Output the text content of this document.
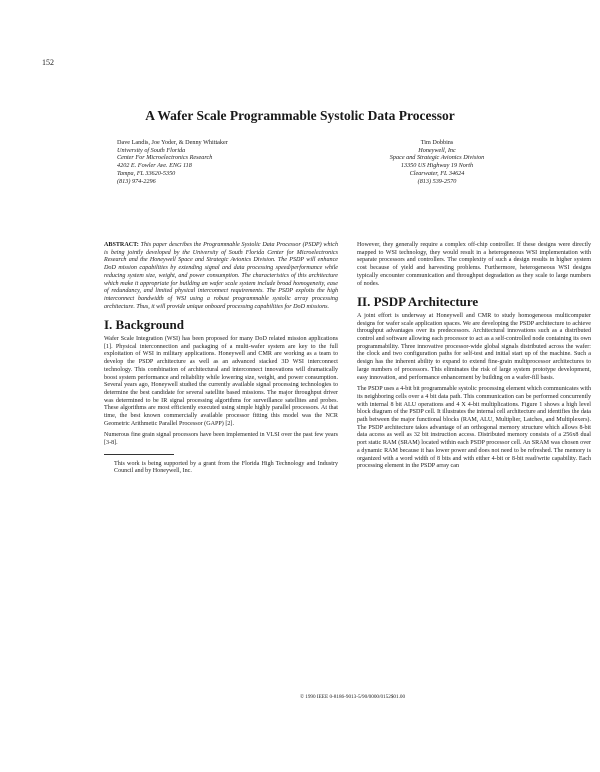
152
A Wafer Scale Programmable Systolic Data Processor
Dave Landis, Joe Yoder, & Denny Whittaker
University of South Florida
Center For Microelectronics Research
4202 E. Fowler Ave. ENG 118
Tampa, FL 33620-5350
(813) 974-2296
Tim Dobbins
Honeywell, Inc
Space and Strategic Avionics Division
13350 US Highway 19 North
Clearwater, FL 34624
(813) 539-2570

ABSTRACT: This paper describes the Programmable Systolic Data Processor (PSDP) which is being jointly developed by the University of South Florida Center for Microelectronics Research and the Honeywell Space and Strategic Avionics Division. The PSDP will enhance DoD mission capabilities by extending signal and data processing speed/performance while reducing system size, weight, and power consumption. The characteristics of this architecture which make it appropriate for building an wafer scale system include broad homogeneity, ease of redundancy, and limited physical interconnect requirements. The PSDP exploits the high interconnect bandwidth of WSI using a robust programmable systolic array processing architecture. Thus, it will provide unique onboard processing capabilities for DoD missions.

I. Background

Wafer Scale Integration (WSI) has been proposed for many DoD related mission applications [1]. Physical interconnection and packaging of a multi-wafer system are key to the full exploitation of WSI in military applications. Honeywell and CMR are working as a team to develop the PSDP architecture as well as an advanced stacked 3D WSI interconnect technology. This combination of architectural and interconnect innovations will dramatically boost system performance and reliability while lowering size, weight, and power consumption. Several years ago, Honeywell studied the currently available signal processing technologies to determine the best candidate for several satellite based missions. The major throughput driver was determined to be IR signal processing algorithms for surveillance satellites and probes. These algorithms are most efficiently executed using simple highly parallel processors. At that time, the best known commercially available processor fitting this model was the NCR Geometric Arithmetic Parallel Processor (GAPP) [2].

Numerous fine grain signal processors have been implemented in VLSI over the past few years [3-8].

This work is being supported by a grant from the Florida High Technology and Industry Council and by Honeywell, Inc.

However, they generally require a complex off-chip controller. If these designs were directly mapped to WSI technology, they would result in a heterogeneous WSI implementation with separate processors and controllers. The complexity of such a design results in higher system cost because of yield and harvesting problems. Furthermore, heterogeneous WSI designs typically encounter communication and throughput degradation as they scale to large numbers of nodes.

II. PSDP Architecture

A joint effort is underway at Honeywell and CMR to study homogeneous multicomputer designs for wafer scale application spaces. We are developing the PSDP architecture to achieve throughput advantages over its predecessors. Architectural innovations such as a distributed control and software allowing each processor to act as a self-controlled node containing its own programmability. Three innovative processor-wide global signals distributed across the wafer: the clock and two configuration paths for self-test and initial start up of the machine. Such a design has the inherent ability to expand to extend fine-grain multiprocessor architectures to large numbers of processors. This eliminates the risk of large system prototype development, easy innovation, and performance enhancement by building on a wafer-fill basis.

The PSDP uses a 4-bit bit programmable systolic processing element which communicates with its neighboring cells over a 4 bit data path. This communication can be performed concurrently with internal 8 bit ALU operations and 4 X 4-bit multiplications. Figure 1 shows a high level block diagram of the PSDP cell. It illustrates the internal cell architecture and identifies the data path between the major functional blocks (RAM, ALU, Multiplier, Latches, and Multiplexers). The PSDP architecture takes advantage of an orthogonal memory structure which allows 8-bit data access as well as 32 bit instruction access. Distributed memory consists of a 256x8 dual port static RAM (SRAM) located within each PSDP processor cell. An SRAM was chosen over a dynamic RAM because it has lower power and does not need to be refreshed. The memory is organized with a word width of 8 bits and with either 4-bit or 8-bit read/write capability. Each processing element in the PSDP array can

© 1990 IEEE 0-8186-9013-5/90/0000/0152$01.00
